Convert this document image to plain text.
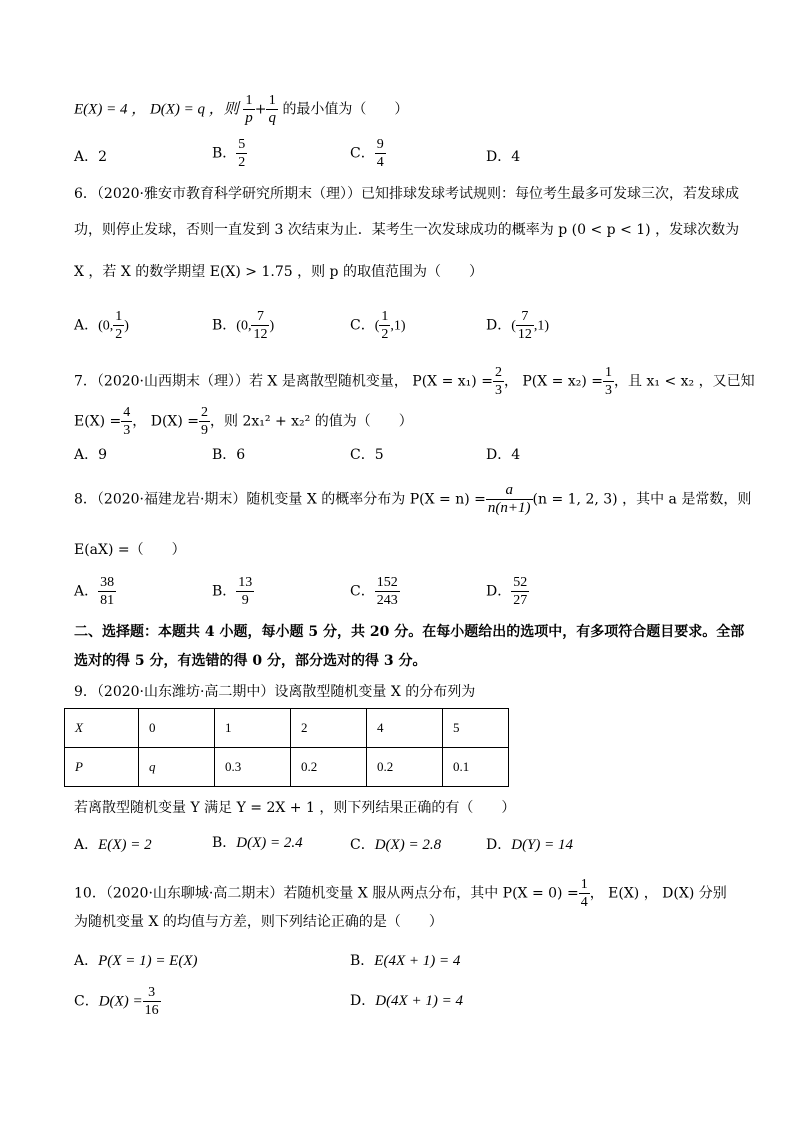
E(X) = 4 ， D(X) = q ，则 $\frac{1}{p} + \frac{1}{q}$ 的最小值为（　　）
A．2	B． $\frac{5}{2}$	C． $\frac{9}{4}$	D．4
6．（2020·雅安市教育科学研究所期末（理））已知排球发球考试规则：每位考生最多可发球三次，若发球成
功，则停止发球，否则一直发到 3 次结束为止．某考生一次发球成功的概率为 p (0 < p < 1) ，发球次数为
X ，若 X 的数学期望 E(X) > 1.75 ，则 p 的取值范围为（　　）
A．(0, $\frac{1}{2}$ )	B．(0, $\frac{7}{12}$ )	C．( $\frac{1}{2} ,1$)	D．( $\frac{7}{12} ,1$)
7．（2020·山西期末（理））若 X 是离散型随机变量， $P(X = x_1) = \frac{2}{3}$ ， $P(X = x_2) = \frac{1}{3}$ ，且 x₁ < x₂ ，又已知
$E(X) = \frac{4}{3}$ ， $D(X) = \frac{2}{9}$ ，则 2x₁² + x₂² 的值为（　　）
A．9	B．6	C．5	D．4
8．（2020·福建龙岩·期末）随机变量 X 的概率分布为 $P(X = n) = \frac{a}{n(n+1)} (n = 1$, 2, 3) ，其中 a 是常数，则
E(aX) =（　　）
A． $\frac{38}{81}$	B． $\frac{13}{9}$	C． $\frac{152}{243}$	D． $\frac{52}{27}$
二、选择题：本题共 4 小题，每小题 5 分，共 20 分。在每小题给出的选项中，有多项符合题目要求。全部
选对的得 5 分，有选错的得 0 分，部分选对的得 3 分。
9．（2020·山东潍坊·高二期中）设离散型随机变量 X 的分布列为
X	0	1	2	4	5
P	q	0.3	0.2	0.2	0.1
若离散型随机变量 Y 满足 Y = 2X + 1 ，则下列结果正确的有（　　）
A．E(X) = 2	B．D(X) = 2.4	C．D(X) = 2.8	D．D(Y) = 14
10．（2020·山东聊城·高二期末）若随机变量 X 服从两点分布，其中 $P(X = 0) = \frac{1}{4}$ ， E(X) ， D(X) 分别
为随机变量 X 的均值与方差，则下列结论正确的是（　　）
A．P(X = 1) = E(X)	B．E(4X + 1) = 4
C．$D(X) = \frac{3}{16}$	D．D(4X + 1) = 4
